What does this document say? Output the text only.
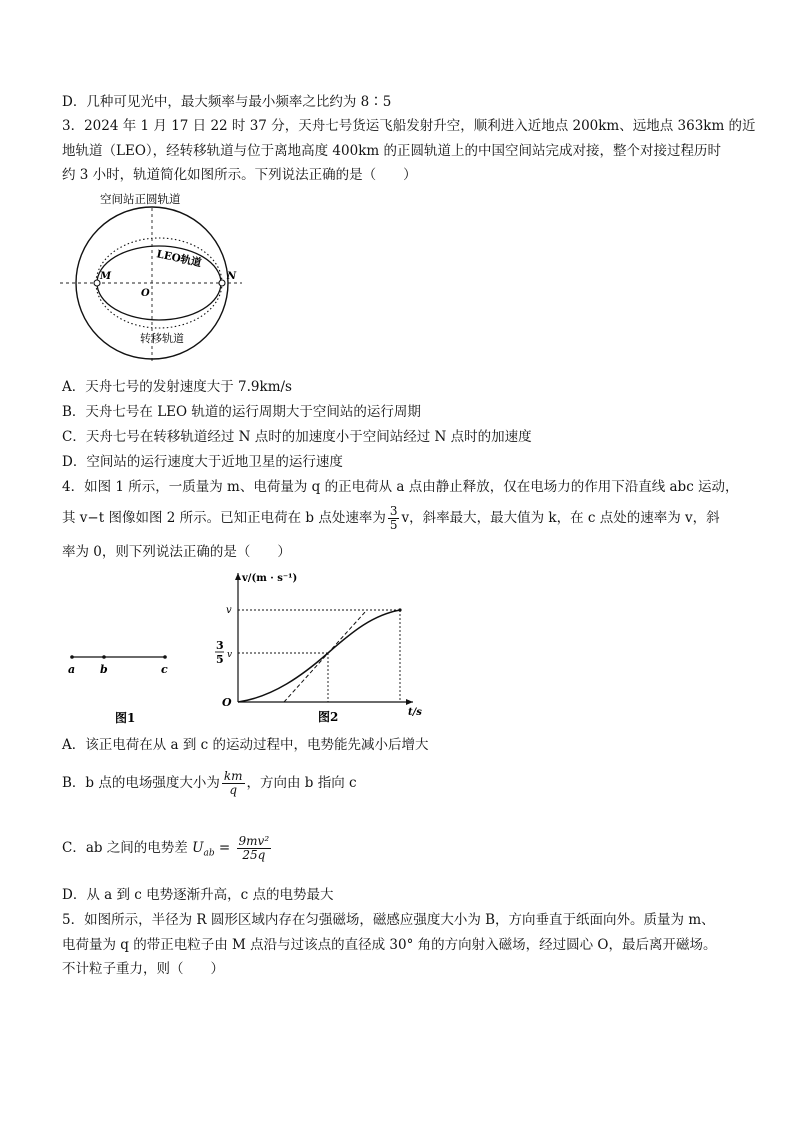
D．几种可见光中，最大频率与最小频率之比约为 8∶5
3．2024 年 1 月 17 日 22 时 37 分，天舟七号货运飞船发射升空，顺利进入近地点 200km、远地点 363km 的近
地轨道（LEO），经转移轨道与位于离地高度 400km 的正圆轨道上的中国空间站完成对接，整个对接过程历时
约 3 小时，轨道简化如图所示。下列说法正确的是（　　）
空间站正圆轨道
M	N
O
LEO轨道
转移轨道
A．天舟七号的发射速度大于 7.9km/s
B．天舟七号在 LEO 轨道的运行周期大于空间站的运行周期
C．天舟七号在转移轨道经过 N 点时的加速度小于空间站经过 N 点时的加速度
D．空间站的运行速度大于近地卫星的运行速度
4．如图 1 所示，一质量为 m、电荷量为 q 的正电荷从 a 点由静止释放，仅在电场力的作用下沿直线 abc 运动，
其 v−t 图像如图 2 所示。已知正电荷在 b 点处速率为 $\frac{3}{5}$ v，斜率最大，最大值为 k，在 c 点处的速率为 v，斜
率为 0，则下列说法正确的是（　　）
a b	c
图1
v/(m · s⁻¹)
t/s
v
3
5 v
O
图2
A．该正电荷在从 a 到 c 的运动过程中，电势能先减小后增大
B．b 点的电场强度大小为 $\frac{km}{q}$ ，方向由 b 指向 c
C．ab 之间的电势差 $U_{ab} = \frac{\text{9mv²}}{25q}$
D．从 a 到 c 电势逐渐升高，c 点的电势最大
5．如图所示，半径为 R 圆形区域内存在匀强磁场，磁感应强度大小为 B，方向垂直于纸面向外。质量为 m、
电荷量为 q 的带正电粒子由 M 点沿与过该点的直径成 30° 角的方向射入磁场，经过圆心 O，最后离开磁场。
不计粒子重力，则（　　）
